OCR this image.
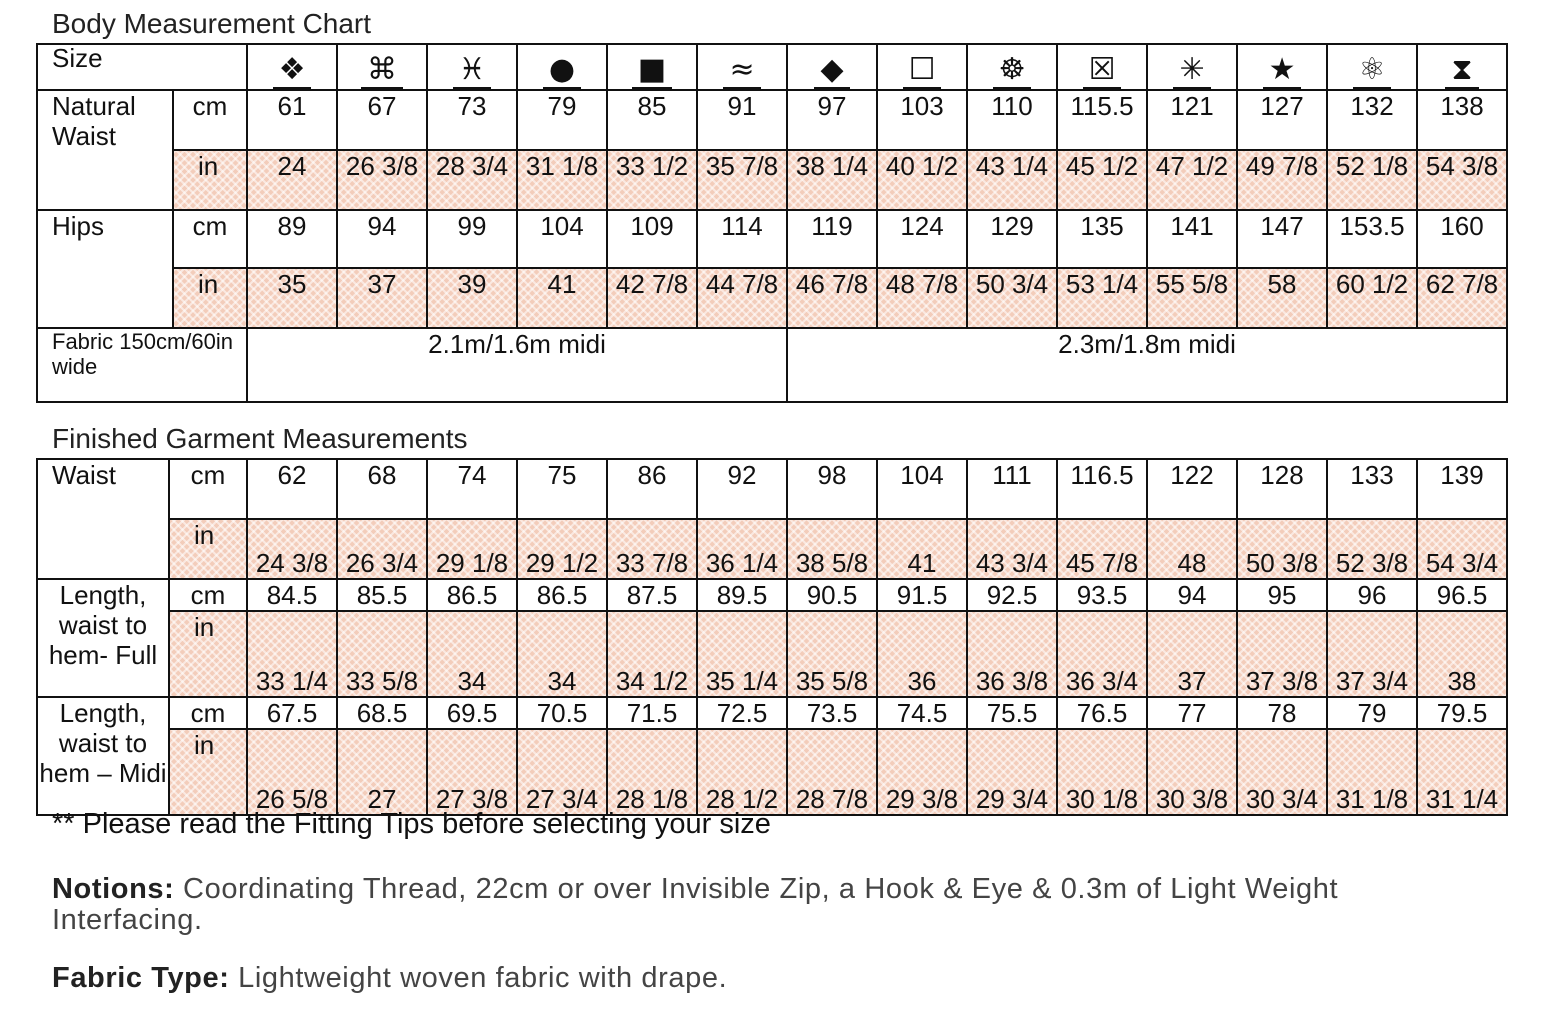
Body Measurement Chart
Size		❖	⌘	♓	●	■	≈	◆	☐	☸	☒	✳	★	⚛	⧗
Natural Waist	cm	61	67	73	79	85	91	97	103	110	115.5	121	127	132	138
	in	24	26 3/8	28 3/4	31 1/8	33 1/2	35 7/8	38 1/4	40 1/2	43 1/4	45 1/2	47 1/2	49 7/8	52 1/8	54 3/8
Hips	cm	89	94	99	104	109	114	119	124	129	135	141	147	153.5	160
	in	35	37	39	41	42 7/8	44 7/8	46 7/8	48 7/8	50 3/4	53 1/4	55 5/8	58	60 1/2	62 7/8
Fabric 150cm/60in wide		2.1m/1.6m midi						2.3m/1.8m midi							
Finished Garment Measurements
Waist	cm	62	68	74	75	86	92	98	104	111	116.5	122	128	133	139
	in	24 3/8	26 3/4	29 1/8	29 1/2	33 7/8	36 1/4	38 5/8	41	43 3/4	45 7/8	48	50 3/8	52 3/8	54 3/4
Length, waist to hem- Full	cm	84.5	85.5	86.5	86.5	87.5	89.5	90.5	91.5	92.5	93.5	94	95	96	96.5
	in	33 1/4	33 5/8	34	34	34 1/2	35 1/4	35 5/8	36	36 3/8	36 3/4	37	37 3/8	37 3/4	38
Length, waist to hem – Midi	cm	67.5	68.5	69.5	70.5	71.5	72.5	73.5	74.5	75.5	76.5	77	78	79	79.5
	in	26 5/8	27	27 3/8	27 3/4	28 1/8	28 1/2	28 7/8	29 3/8	29 3/4	30 1/8	30 3/8	30 3/4	31 1/8	31 1/4
** Please read the Fitting Tips before selecting your size
Notions: Coordinating Thread, 22cm or over Invisible Zip, a Hook & Eye & 0.3m of Light Weight Interfacing.
Fabric Type: Lightweight woven fabric with drape.
